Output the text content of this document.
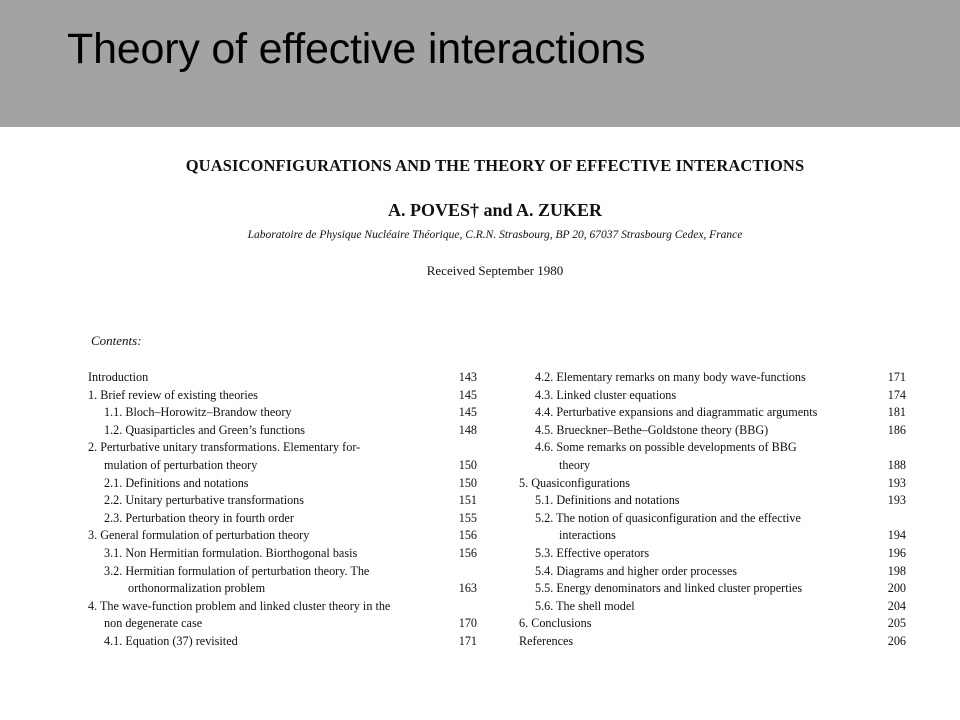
Theory of effective interactions
QUASICONFIGURATIONS AND THE THEORY OF EFFECTIVE INTERACTIONS
A. POVES† and A. ZUKER
Laboratoire de Physique Nucléaire Théorique, C.R.N. Strasbourg, BP 20, 67037 Strasbourg Cedex, France
Received September 1980
Contents:
Introduction	143
1. Brief review of existing theories	145
1.1. Bloch–Horowitz–Brandow theory	145
1.2. Quasiparticles and Green’s functions	148
2. Perturbative unitary transformations. Elementary for-
mulation of perturbation theory	150
2.1. Definitions and notations	150
2.2. Unitary perturbative transformations	151
2.3. Perturbation theory in fourth order	155
3. General formulation of perturbation theory	156
3.1. Non Hermitian formulation. Biorthogonal basis	156
3.2. Hermitian formulation of perturbation theory. The
orthonormalization problem	163
4. The wave-function problem and linked cluster theory in the
non degenerate case	170
4.1. Equation (37) revisited	171
4.2. Elementary remarks on many body wave-functions	171
4.3. Linked cluster equations	174
4.4. Perturbative expansions and diagrammatic arguments	181
4.5. Brueckner–Bethe–Goldstone theory (BBG)	186
4.6. Some remarks on possible developments of BBG
theory	188
5. Quasiconfigurations	193
5.1. Definitions and notations	193
5.2. The notion of quasiconfiguration and the effective
interactions	194
5.3. Effective operators	196
5.4. Diagrams and higher order processes	198
5.5. Energy denominators and linked cluster properties	200
5.6. The shell model	204
6. Conclusions	205
References	206
